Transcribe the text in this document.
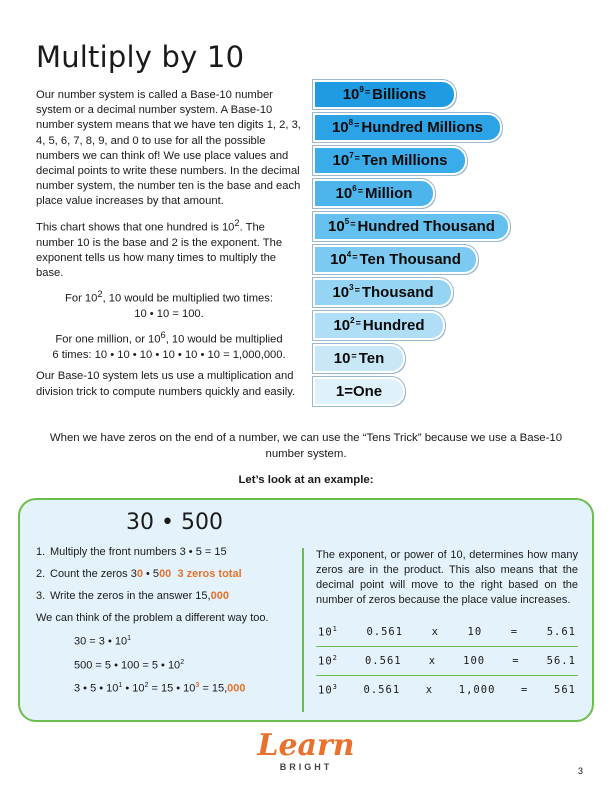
Multiply by 10

Our number system is called a Base-10 number system or a decimal number system. A Base-10 number system means that we have ten digits 1, 2, 3, 4, 5, 6, 7, 8, 9, and 0 to use for all the possible numbers we can think of! We use place values and decimal points to write these numbers. In the decimal number system, the number ten is the base and each place value increases by that amount.

This chart shows that one hundred is $10^2$. The number 10 is the base and 2 is the exponent. The exponent tells us how many times to multiply the base.

For $10^2$, 10 would be multiplied two times:
10 • 10 = 100.

For one million, or $10^6$, 10 would be multiplied
6 times: 10 • 10 • 10 • 10 • 10 • 10 = 1,000,000.

Our Base-10 system lets us use a multiplication and division trick to compute numbers quickly and easily.

$10^9$ = Billions
$10^8$ = Hundred Millions
$10^7$ = Ten Millions
$10^6$ = Million
$10^5$ = Hundred Thousand
$10^4$ = Ten Thousand
$10^3$ = Thousand
$10^2$ = Hundred
10 = Ten
1 = One
When we have zeros on the end of a number, we can use the “Tens Trick” because we use a Base-10 number system.
Let’s look at an example:
30 • 500
1. Multiply the front numbers 3 • 5 = 15
2. Count the zeros 30 • 500 3 zeros total
3. Write the zeros in the answer 15,000
We can think of the problem a different way too.
30 = 3 • $10^1$
500 = 5 • 100 = 5 • $10^2$
3 • 5 • $10^1$ • $10^2 = 15$ • $10^3 = 15,000$
The exponent, or power of 10, determines how many zeros are in the product. This also means that the decimal point will move to the right based on the number of zeros because the place value increases.
$10^1$	0.561	x	10	=	5.61
$10^2$	0.561	x	100	=	56.1
$10^3$ 0.561 x 1,000 = 561
Learn
BRIGHT	3
